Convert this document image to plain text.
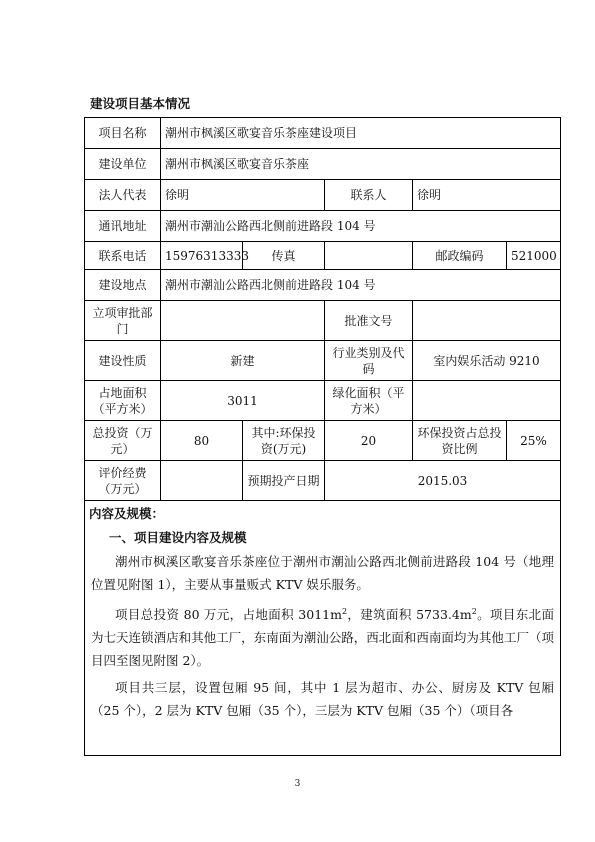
建设项目基本情况
项目名称	潮州市枫溪区歌宴音乐茶座建设项目				
建设单位	潮州市枫溪区歌宴音乐茶座				
法人代表	徐明		联系人	徐明	
通讯地址	潮州市潮汕公路西北侧前进路段 104 号				
联系电话	15976313333	传真		邮政编码	521000
建设地点	潮州市潮汕公路西北侧前进路段 104 号				
立项审批部门			批准文号		
建设性质	新建		行业类别及代码	室内娱乐活动 9210	
占地面积（平方米）	3011		绿化面积（平方米）		
总投资（万元）	80	其中:环保投资(万元)	20	环保投资占总投资比例	25%
评价经费（万元）		预期投产日期	2015.03		

内容及规模：
一、项目建设内容及规模
潮州市枫溪区歌宴音乐茶座位于潮州市潮汕公路西北侧前进路段 104 号（地理位置见附图 1），主要从事量贩式 KTV 娱乐服务。
项目总投资 80 万元，占地面积 $3011m^2$，建筑面积 $5733.4m^2$。项目东北面为七天连锁酒店和其他工厂，东南面为潮汕公路，西北面和西南面均为其他工厂（项目四至图见附图 2）。
项目共三层，设置包厢 95 间，其中 1 层为超市、办公、厨房及 KTV 包厢（25 个），2 层为 KTV 包厢（35 个），三层为 KTV 包厢（35 个）（项目各					
3
